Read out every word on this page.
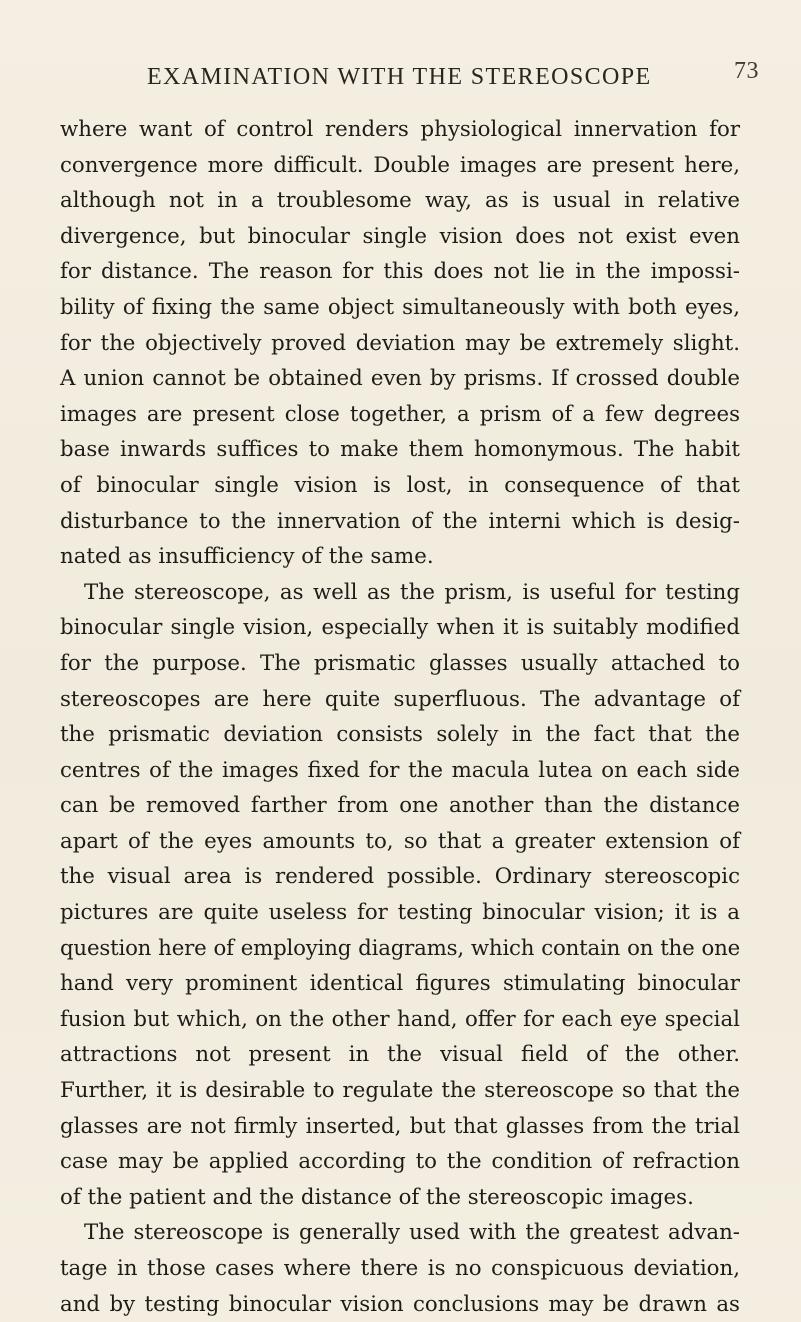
EXAMINATION WITH THE STEREOSCOPE	73
where want of control renders physiological innervation for
convergence more difficult. Double images are present here,
although not in a troublesome way, as is usual in relative
divergence, but binocular single vision does not exist even
for distance. The reason for this does not lie in the impossi-
bility of fixing the same object simultaneously with both eyes,
for the objectively proved deviation may be extremely slight.
A union cannot be obtained even by prisms. If crossed double
images are present close together, a prism of a few degrees
base inwards suffices to make them homonymous. The habit
of binocular single vision is lost, in consequence of that
disturbance to the innervation of the interni which is desig-
nated as insufficiency of the same.
The stereoscope, as well as the prism, is useful for testing
binocular single vision, especially when it is suitably modified
for the purpose. The prismatic glasses usually attached to
stereoscopes are here quite superfluous. The advantage of
the prismatic deviation consists solely in the fact that the
centres of the images fixed for the macula lutea on each side
can be removed farther from one another than the distance
apart of the eyes amounts to, so that a greater extension of
the visual area is rendered possible. Ordinary stereoscopic
pictures are quite useless for testing binocular vision; it is a
question here of employing diagrams, which contain on the one
hand very prominent identical figures stimulating binocular
fusion but which, on the other hand, offer for each eye special
attractions not present in the visual field of the other.
Further, it is desirable to regulate the stereoscope so that the
glasses are not firmly inserted, but that glasses from the trial
case may be applied according to the condition of refraction
of the patient and the distance of the stereoscopic images.
The stereoscope is generally used with the greatest advan-
tage in those cases where there is no conspicuous deviation,
and by testing binocular vision conclusions may be drawn as
